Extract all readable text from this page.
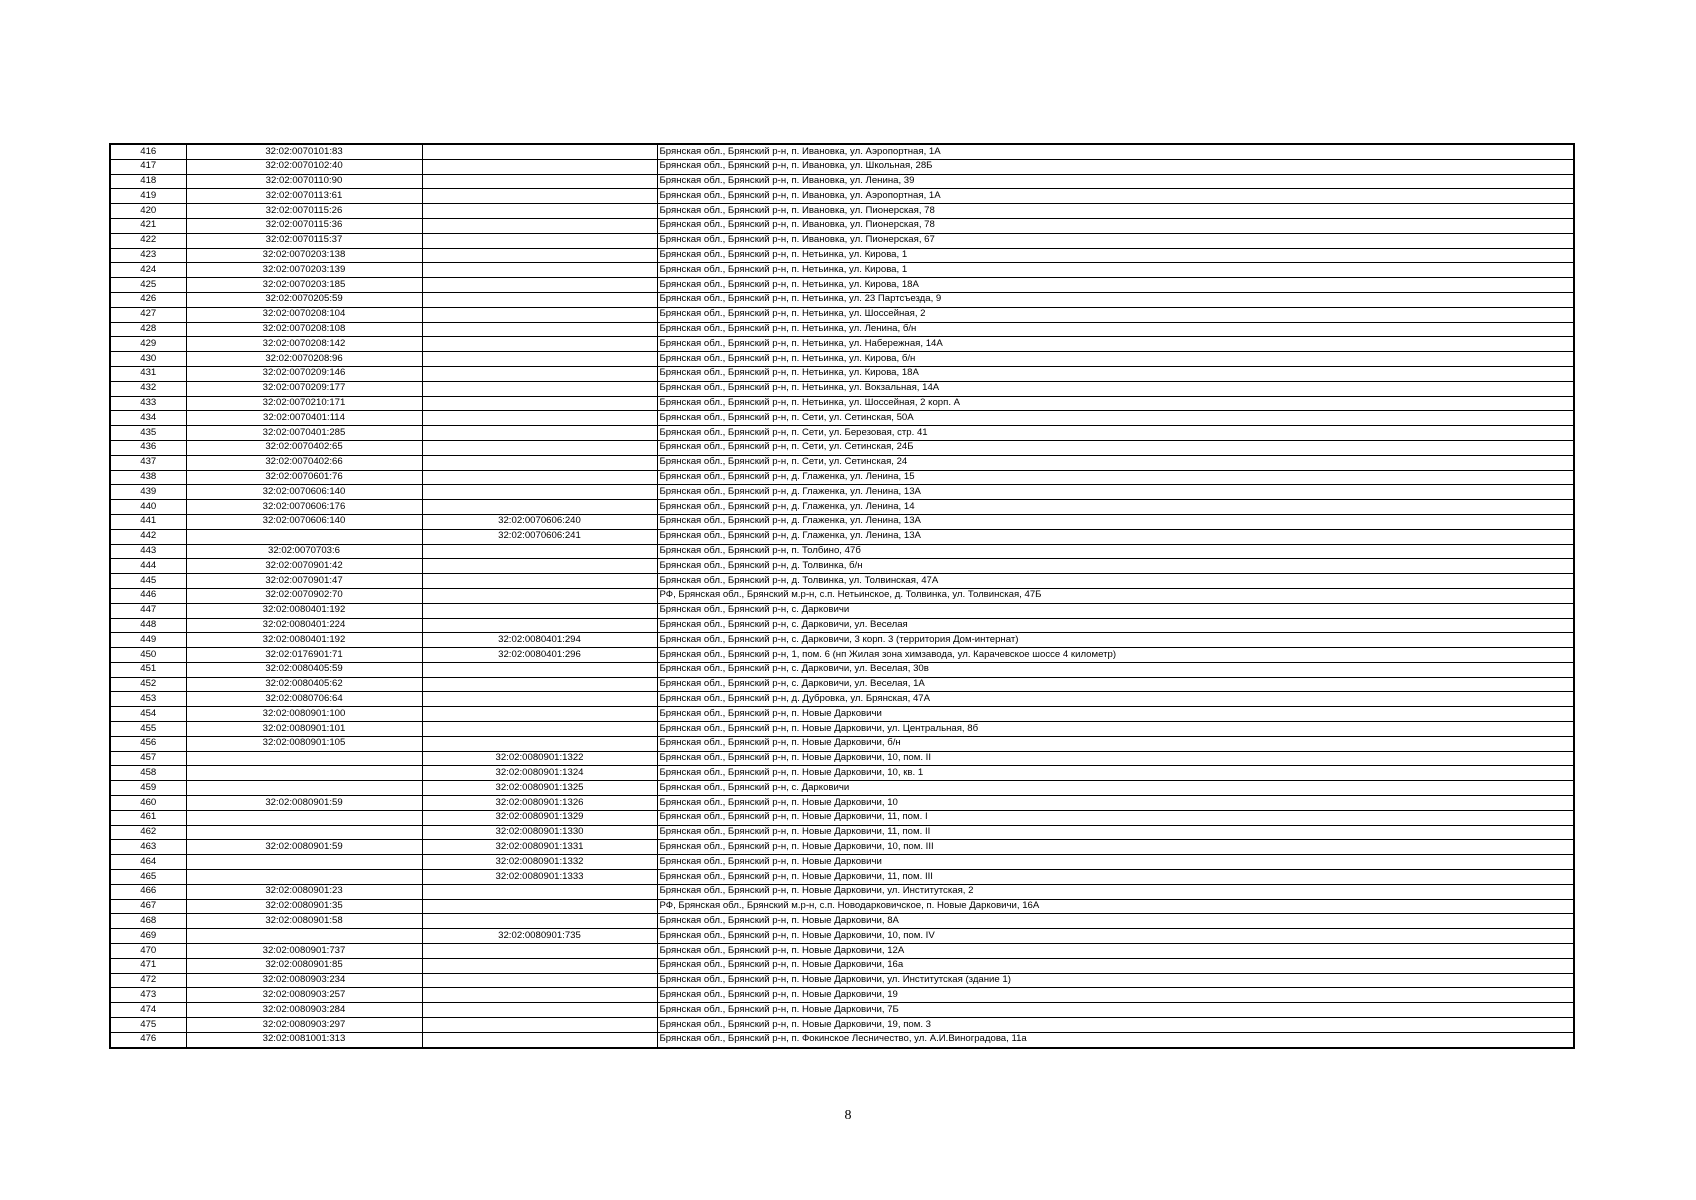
416	32:02:0070101:83		Брянская обл., Брянский р-н, п. Ивановка, ул. Аэропортная, 1А
417	32:02:0070102:40		Брянская обл., Брянский р-н, п. Ивановка, ул. Школьная, 28Б
418	32:02:0070110:90		Брянская обл., Брянский р-н, п. Ивановка, ул. Ленина, 39
419	32:02:0070113:61		Брянская обл., Брянский р-н, п. Ивановка, ул. Аэропортная, 1А
420	32:02:0070115:26		Брянская обл., Брянский р-н, п. Ивановка, ул. Пионерская, 78
421	32:02:0070115:36		Брянская обл., Брянский р-н, п. Ивановка, ул. Пионерская, 78
422	32:02:0070115:37		Брянская обл., Брянский р-н, п. Ивановка, ул. Пионерская, 67
423	32:02:0070203:138		Брянская обл., Брянский р-н, п. Нетьинка, ул. Кирова, 1
424	32:02:0070203:139		Брянская обл., Брянский р-н, п. Нетьинка, ул. Кирова, 1
425	32:02:0070203:185		Брянская обл., Брянский р-н, п. Нетьинка, ул. Кирова, 18А
426	32:02:0070205:59		Брянская обл., Брянский р-н, п. Нетьинка, ул. 23 Партсъезда, 9
427	32:02:0070208:104		Брянская обл., Брянский р-н, п. Нетьинка, ул. Шоссейная, 2
428	32:02:0070208:108		Брянская обл., Брянский р-н, п. Нетьинка, ул. Ленина, б/н
429	32:02:0070208:142		Брянская обл., Брянский р-н, п. Нетьинка, ул. Набережная, 14А
430	32:02:0070208:96		Брянская обл., Брянский р-н, п. Нетьинка, ул. Кирова, б/н
431	32:02:0070209:146		Брянская обл., Брянский р-н, п. Нетьинка, ул. Кирова, 18А
432	32:02:0070209:177		Брянская обл., Брянский р-н, п. Нетьинка, ул. Вокзальная, 14А
433	32:02:0070210:171		Брянская обл., Брянский р-н, п. Нетьинка, ул. Шоссейная, 2 корп. А
434	32:02:0070401:114		Брянская обл., Брянский р-н, п. Сети, ул. Сетинская, 50А
435	32:02:0070401:285		Брянская обл., Брянский р-н, п. Сети, ул. Березовая, стр. 41
436	32:02:0070402:65		Брянская обл., Брянский р-н, п. Сети, ул. Сетинская, 24Б
437	32:02:0070402:66		Брянская обл., Брянский р-н, п. Сети, ул. Сетинская, 24
438	32:02:0070601:76		Брянская обл., Брянский р-н, д. Глаженка, ул. Ленина, 15
439	32:02:0070606:140		Брянская обл., Брянский р-н, д. Глаженка, ул. Ленина, 13А
440	32:02:0070606:176		Брянская обл., Брянский р-н, д. Глаженка, ул. Ленина, 14
441	32:02:0070606:140	32:02:0070606:240	Брянская обл., Брянский р-н, д. Глаженка, ул. Ленина, 13А
442		32:02:0070606:241	Брянская обл., Брянский р-н, д. Глаженка, ул. Ленина, 13А
443	32:02:0070703:6		Брянская обл., Брянский р-н, п. Толбино, 47б
444	32:02:0070901:42		Брянская обл., Брянский р-н, д. Толвинка, б/н
445	32:02:0070901:47		Брянская обл., Брянский р-н, д. Толвинка, ул. Толвинская, 47А
446	32:02:0070902:70		РФ, Брянская обл., Брянский м.р-н, с.п. Нетьинское, д. Толвинка, ул. Толвинская, 47Б
447	32:02:0080401:192		Брянская обл., Брянский р-н, с. Дарковичи
448	32:02:0080401:224		Брянская обл., Брянский р-н, с. Дарковичи, ул. Веселая
449	32:02:0080401:192	32:02:0080401:294	Брянская обл., Брянский р-н, с. Дарковичи, 3 корп. 3 (территория Дом-интернат)
450	32:02:0176901:71	32:02:0080401:296	Брянская обл., Брянский р-н, 1, пом. 6 (нп Жилая зона химзавода, ул. Карачевское шоссе 4 километр)
451	32:02:0080405:59		Брянская обл., Брянский р-н, с. Дарковичи, ул. Веселая, 30в
452	32:02:0080405:62		Брянская обл., Брянский р-н, с. Дарковичи, ул. Веселая, 1А
453	32:02:0080706:64		Брянская обл., Брянский р-н, д. Дубровка, ул. Брянская, 47А
454	32:02:0080901:100		Брянская обл., Брянский р-н, п. Новые Дарковичи
455	32:02:0080901:101		Брянская обл., Брянский р-н, п. Новые Дарковичи, ул. Центральная, 8б
456	32:02:0080901:105		Брянская обл., Брянский р-н, п. Новые Дарковичи, б/н
457		32:02:0080901:1322	Брянская обл., Брянский р-н, п. Новые Дарковичи, 10, пом. II
458		32:02:0080901:1324	Брянская обл., Брянский р-н, п. Новые Дарковичи, 10, кв. 1
459		32:02:0080901:1325	Брянская обл., Брянский р-н, с. Дарковичи
460	32:02:0080901:59	32:02:0080901:1326	Брянская обл., Брянский р-н, п. Новые Дарковичи, 10
461		32:02:0080901:1329	Брянская обл., Брянский р-н, п. Новые Дарковичи, 11, пом. I
462		32:02:0080901:1330	Брянская обл., Брянский р-н, п. Новые Дарковичи, 11, пом. II
463	32:02:0080901:59	32:02:0080901:1331	Брянская обл., Брянский р-н, п. Новые Дарковичи, 10, пом. III
464		32:02:0080901:1332	Брянская обл., Брянский р-н, п. Новые Дарковичи
465		32:02:0080901:1333	Брянская обл., Брянский р-н, п. Новые Дарковичи, 11, пом. III
466	32:02:0080901:23		Брянская обл., Брянский р-н, п. Новые Дарковичи, ул. Институтская, 2
467	32:02:0080901:35		РФ, Брянская обл., Брянский м.р-н, с.п. Новодарковичское, п. Новые Дарковичи, 16А
468	32:02:0080901:58		Брянская обл., Брянский р-н, п. Новые Дарковичи, 8А
469		32:02:0080901:735	Брянская обл., Брянский р-н, п. Новые Дарковичи, 10, пом. IV
470	32:02:0080901:737		Брянская обл., Брянский р-н, п. Новые Дарковичи, 12А
471	32:02:0080901:85		Брянская обл., Брянский р-н, п. Новые Дарковичи, 16а
472	32:02:0080903:234		Брянская обл., Брянский р-н, п. Новые Дарковичи, ул. Институтская (здание 1)
473	32:02:0080903:257		Брянская обл., Брянский р-н, п. Новые Дарковичи, 19
474	32:02:0080903:284		Брянская обл., Брянский р-н, п. Новые Дарковичи, 7Б
475	32:02:0080903:297		Брянская обл., Брянский р-н, п. Новые Дарковичи, 19, пом. 3
476	32:02:0081001:313		Брянская обл., Брянский р-н, п. Фокинское Лесничество, ул. А.И.Виноградова, 11а
8
